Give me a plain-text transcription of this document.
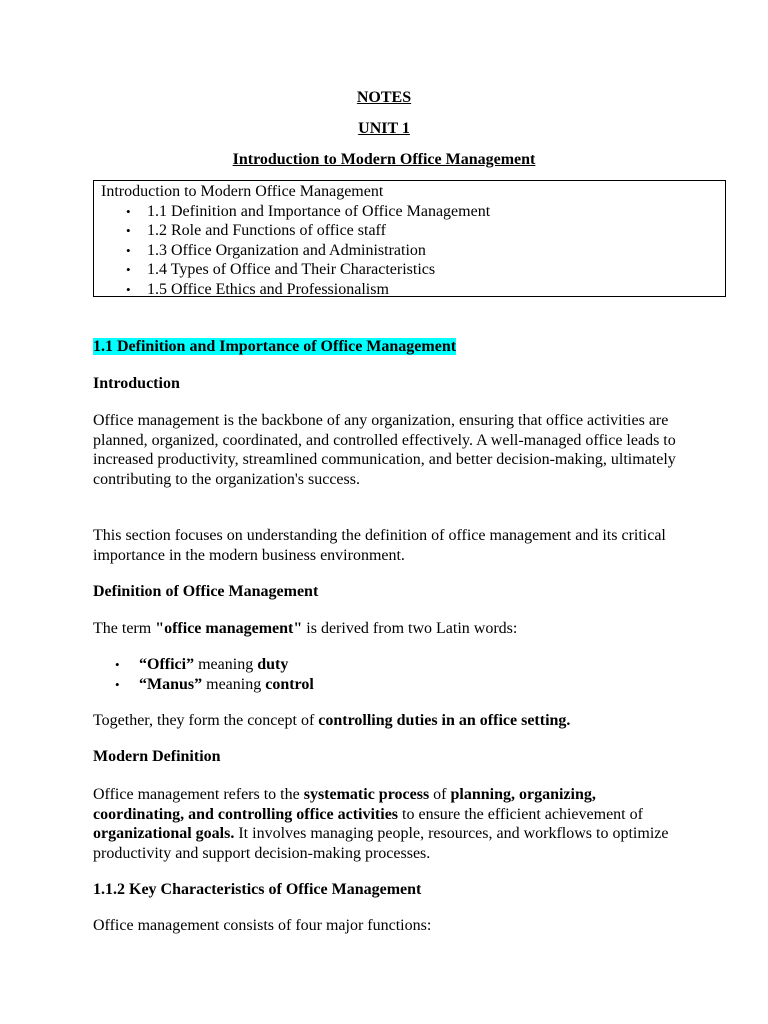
NOTES

UNIT 1

Introduction to Modern Office Management

Introduction to Modern Office Management
• 1.1 Definition and Importance of Office Management
• 1.2 Role and Functions of office staff
• 1.3 Office Organization and Administration
• 1.4 Types of Office and Their Characteristics
• 1.5 Office Ethics and Professionalism

1.1 Definition and Importance of Office Management

Introduction

Office management is the backbone of any organization, ensuring that office activities are planned, organized, coordinated, and controlled effectively. A well-managed office leads to increased productivity, streamlined communication, and better decision-making, ultimately contributing to the organization's success.

This section focuses on understanding the definition of office management and its critical importance in the modern business environment.

Definition of Office Management

The term "office management" is derived from two Latin words:

• “Offici” meaning duty
• “Manus” meaning control

Together, they form the concept of controlling duties in an office setting.

Modern Definition

Office management refers to the systematic process of planning, organizing, coordinating, and controlling office activities to ensure the efficient achievement of organizational goals. It involves managing people, resources, and workflows to optimize productivity and support decision-making processes.

1.1.2 Key Characteristics of Office Management

Office management consists of four major functions:
